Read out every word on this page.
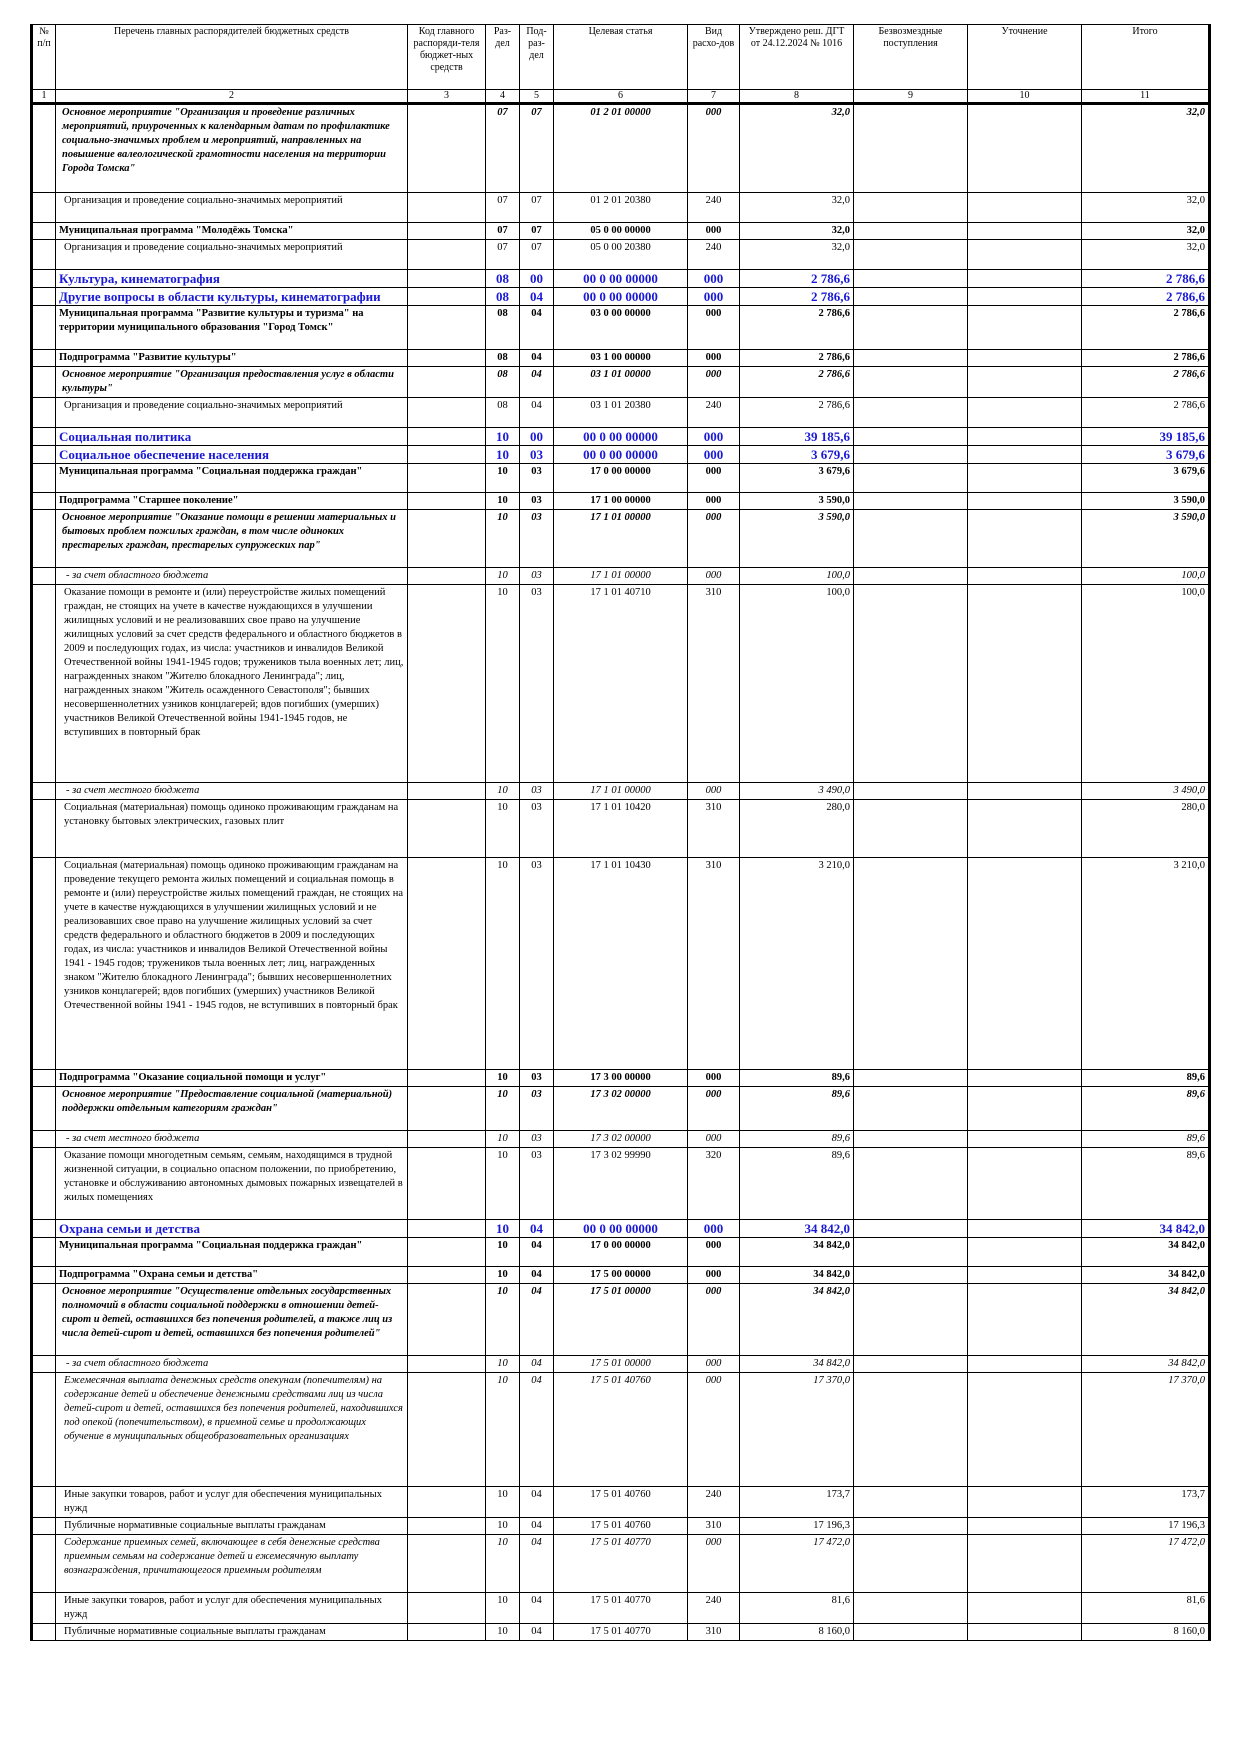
№ п/п	Перечень главных распорядителей бюджетных средств	Код главного распоряди-теля бюджет-ных средств	Раз-дел	Под-раз-дел	Целевая статья	Вид расхо-дов	Утверждено реш. ДГТ от 24.12.2024 № 1016	Безвозмездные поступления	Уточнение	Итого
1	2	3	4	5	6	7	8	9	10	11
	Основное мероприятие "Организация и проведение различных мероприятий, приуроченных к календарным датам по профилактике социально-значимых проблем и мероприятий, направленных на повышение валеологической грамотности населения на территории Города Томска"		07	07	01 2 01 00000	000	32,0			32,0
	Организация и проведение социально-значимых мероприятий		07	07	01 2 01 20380	240	32,0			32,0
	Муниципальная программа "Молодёжь Томска"		07	07	05 0 00 00000	000	32,0			32,0
	Организация и проведение социально-значимых мероприятий		07	07	05 0 00 20380	240	32,0			32,0
	Культура, кинематография		08	00	00 0 00 00000	000	2 786,6			2 786,6
	Другие вопросы в области культуры, кинематографии		08	04	00 0 00 00000	000	2 786,6			2 786,6
	Муниципальная программа "Развитие культуры и туризма" на территории муниципального образования "Город Томск"		08	04	03 0 00 00000	000	2 786,6			2 786,6
	Подпрограмма "Развитие культуры"		08	04	03 1 00 00000	000	2 786,6			2 786,6
	Основное мероприятие "Организация предоставления услуг в области культуры"		08	04	03 1 01 00000	000	2 786,6			2 786,6
	Организация и проведение социально-значимых мероприятий		08	04	03 1 01 20380	240	2 786,6			2 786,6
	Социальная политика		10	00	00 0 00 00000	000	39 185,6			39 185,6
	Социальное обеспечение населения		10	03	00 0 00 00000	000	3 679,6			3 679,6
	Муниципальная программа "Социальная поддержка граждан"		10	03	17 0 00 00000	000	3 679,6			3 679,6
	Подпрограмма "Старшее поколение"		10	03	17 1 00 00000	000	3 590,0			3 590,0
	Основное мероприятие "Оказание помощи в решении материальных и бытовых проблем пожилых граждан, в том числе одиноких престарелых граждан, престарелых супружеских пар"		10	03	17 1 01 00000	000	3 590,0			3 590,0
	- за счет областного бюджета		10	03	17 1 01 00000	000	100,0			100,0
	Оказание помощи в ремонте и (или) переустройстве жилых помещений граждан, не стоящих на учете в качестве нуждающихся в улучшении жилищных условий и не реализовавших свое право на улучшение жилищных условий за счет средств федерального и областного бюджетов в 2009 и последующих годах, из числа: участников и инвалидов Великой Отечественной войны 1941-1945 годов; тружеников тыла военных лет; лиц, награжденных знаком "Жителю блокадного Ленинграда"; лиц, награжденных знаком "Житель осажденного Севастополя"; бывших несовершеннолетних узников концлагерей; вдов погибших (умерших) участников Великой Отечественной войны 1941-1945 годов, не вступивших в повторный брак		10	03	17 1 01 40710	310	100,0			100,0
	- за счет местного бюджета		10	03	17 1 01 00000	000	3 490,0			3 490,0
	Социальная (материальная) помощь одиноко проживающим гражданам на установку бытовых электрических, газовых плит		10	03	17 1 01 10420	310	280,0			280,0
	Социальная (материальная) помощь одиноко проживающим гражданам на проведение текущего ремонта жилых помещений и социальная помощь в ремонте и (или) переустройстве жилых помещений граждан, не стоящих на учете в качестве нуждающихся в улучшении жилищных условий и не реализовавших свое право на улучшение жилищных условий за счет средств федерального и областного бюджетов в 2009 и последующих годах, из числа: участников и инвалидов Великой Отечественной войны 1941 - 1945 годов; тружеников тыла военных лет; лиц, награжденных знаком "Жителю блокадного Ленинграда"; бывших несовершеннолетних узников концлагерей; вдов погибших (умерших) участников Великой Отечественной войны 1941 - 1945 годов, не вступивших в повторный брак		10	03	17 1 01 10430	310	3 210,0			3 210,0
	Подпрограмма "Оказание социальной помощи и услуг"		10	03	17 3 00 00000	000	89,6			89,6
	Основное мероприятие "Предоставление социальной (материальной) поддержки отдельным категориям граждан"		10	03	17 3 02 00000	000	89,6			89,6
	- за счет местного бюджета		10	03	17 3 02 00000	000	89,6			89,6
	Оказание помощи многодетным семьям, семьям, находящимся в трудной жизненной ситуации, в социально опасном положении, по приобретению, установке и обслуживанию автономных дымовых пожарных извещателей в жилых помещениях		10	03	17 3 02 99990	320	89,6			89,6
	Охрана семьи и детства		10	04	00 0 00 00000	000	34 842,0			34 842,0
	Муниципальная программа "Социальная поддержка граждан"		10	04	17 0 00 00000	000	34 842,0			34 842,0
	Подпрограмма "Охрана семьи и детства"		10	04	17 5 00 00000	000	34 842,0			34 842,0
	Основное мероприятие "Осуществление отдельных государственных полномочий в области социальной поддержки в отношении детей-сирот и детей, оставшихся без попечения родителей, а также лиц из числа детей-сирот и детей, оставшихся без попечения родителей"		10	04	17 5 01 00000	000	34 842,0			34 842,0
	- за счет областного бюджета		10	04	17 5 01 00000	000	34 842,0			34 842,0
	Ежемесячная выплата денежных средств опекунам (попечителям) на содержание детей и обеспечение денежными средствами лиц из числа детей-сирот и детей, оставшихся без попечения родителей, находившихся под опекой (попечительством), в приемной семье и продолжающих обучение в муниципальных общеобразовательных организациях		10	04	17 5 01 40760	000	17 370,0			17 370,0
	Иные закупки товаров, работ и услуг для обеспечения муниципальных нужд		10	04	17 5 01 40760	240	173,7			173,7
	Публичные нормативные социальные выплаты гражданам		10	04	17 5 01 40760	310	17 196,3			17 196,3
	Содержание приемных семей, включающее в себя денежные средства приемным семьям на содержание детей и ежемесячную выплату вознаграждения, причитающегося приемным родителям		10	04	17 5 01 40770	000	17 472,0			17 472,0
	Иные закупки товаров, работ и услуг для обеспечения муниципальных нужд		10	04	17 5 01 40770	240	81,6			81,6
	Публичные нормативные социальные выплаты гражданам		10	04	17 5 01 40770	310	8 160,0			8 160,0
